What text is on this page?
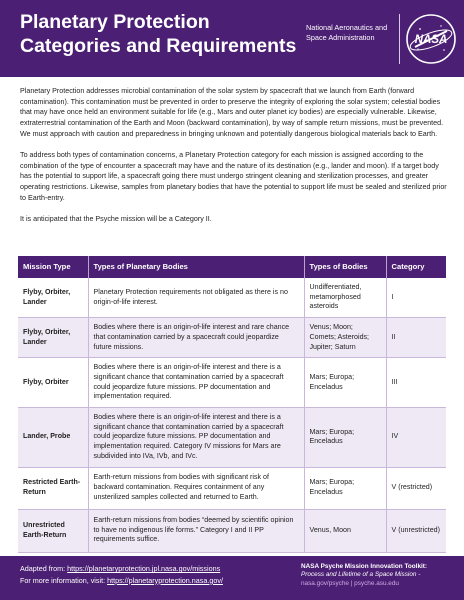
Planetary Protection
Categories and Requirements
National Aeronautics and
Space Administration	NASA

Planetary Protection addresses microbial contamination of the solar system by spacecraft that we launch from Earth (forward contamination). This contamination must be prevented in order to preserve the integrity of exploring the solar system; celestial bodies that may have once held an environment suitable for life (e.g., Mars and outer planet icy bodies) are especially vulnerable. Likewise, extraterrestrial contamination of the Earth and Moon (backward contamination), by way of sample return missions, must be prevented. We must approach with caution and preparedness in bringing unknown and potentially dangerous biological materials back to Earth.

To address both types of contamination concerns, a Planetary Protection category for each mission is assigned according to the combination of the type of encounter a spacecraft may have and the nature of its destination (e.g., lander and moon). If a target body has the potential to support life, a spacecraft going there must undergo stringent cleaning and sterilization processes, and greater operating restrictions. Likewise, samples from planetary bodies that have the potential to support life must be sealed and sterilized prior to Earth-entry.

It is anticipated that the Psyche mission will be a Category II.

Mission Type	Types of Planetary Bodies	Types of Bodies	Category
Flyby, Orbiter, Lander	Planetary Protection requirements not obligated as there is no origin-of-life interest.	Undifferentiated, metamorphosed asteroids	I
Flyby, Orbiter, Lander	Bodies where there is an origin-of-life interest and rare chance that contamination carried by a spacecraft could jeopardize future missions.	Venus; Moon; Comets; Asteroids; Jupiter; Saturn	II
Flyby, Orbiter	Bodies where there is an origin-of-life interest and there is a significant chance that contamination carried by a spacecraft could jeopardize future missions. PP documentation and implementation required.	Mars; Europa; Enceladus	III
Lander, Probe	Bodies where there is an origin-of-life interest and there is a significant chance that contamination carried by a spacecraft could jeopardize future missions. PP documentation and implementation required. Category IV missions for Mars are subdivided into IVa, IVb, and IVc.	Mars; Europa; Enceladus	IV
Restricted Earth-Return	Earth-return missions from bodies with significant risk of backward contamination. Requires containment of any unsterilized samples collected and returned to Earth.	Mars; Europa; Enceladus	V (restricted)
Unrestricted Earth-Return	Earth-return missions from bodies “deemed by scientific opinion to have no indigenous life forms.” Category I and II PP requirements suffice.	Venus, Moon	V (unrestricted)
Adapted from: https://planetaryprotection.jpl.nasa.gov/missions
For more information, visit: https://planetaryprotection.nasa.gov/
NASA Psyche Mission Innovation Toolkit:
Process and Lifetime of a Space Mission -
nasa.gov/psyche | psyche.asu.edu
